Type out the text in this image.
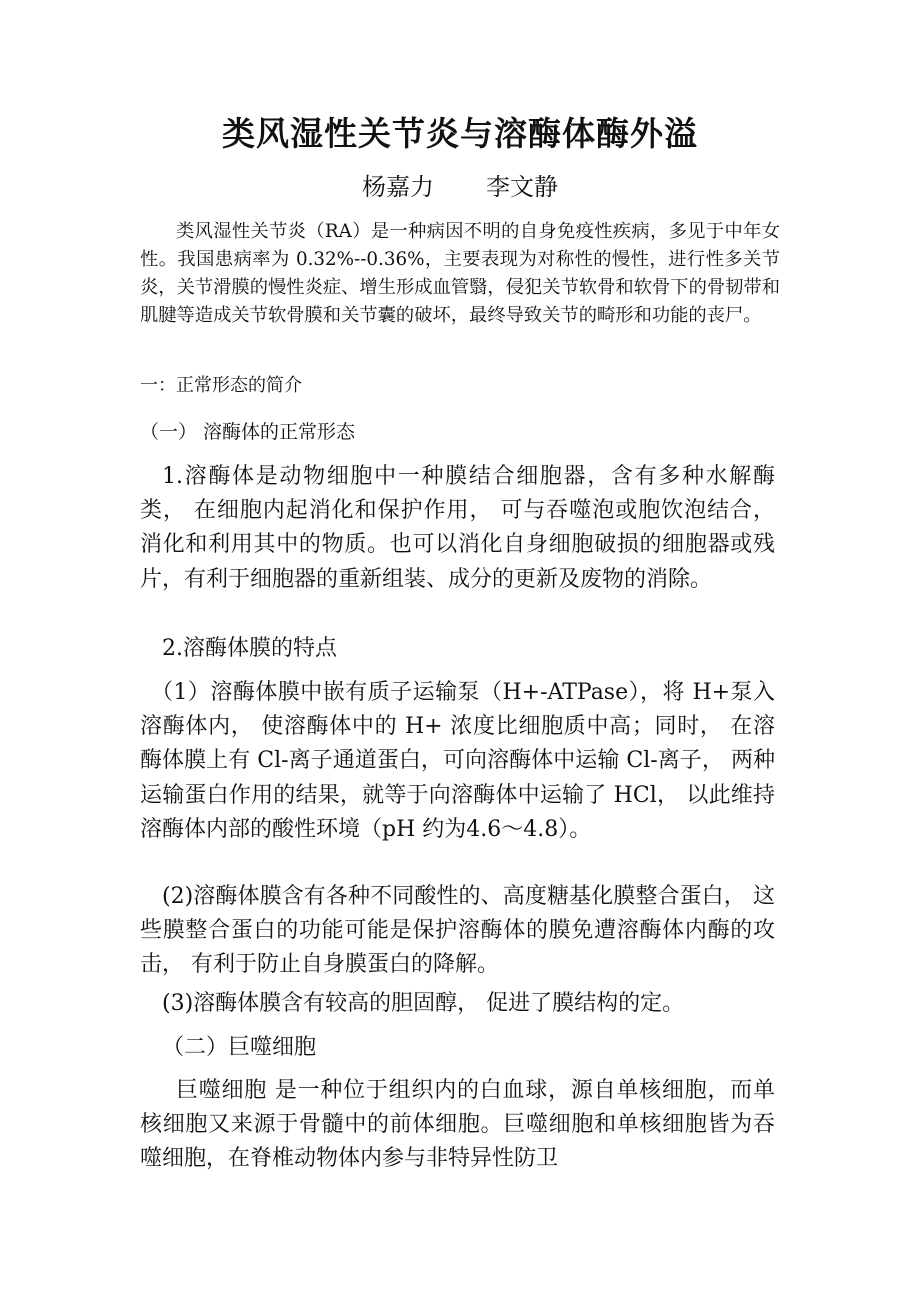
类风湿性关节炎与溶酶体酶外溢
杨嘉力 李文静

类风湿性关节炎（RA）是一种病因不明的自身免疫性疾病，多见于中年女性。我国患病率为 0.32%--0.36%，主要表现为对称性的慢性，进行性多关节炎，关节滑膜的慢性炎症、增生形成血管翳，侵犯关节软骨和软骨下的骨韧带和肌腱等造成关节软骨膜和关节囊的破坏，最终导致关节的畸形和功能的丧尸。

一：正常形态的简介

（一） 溶酶体的正常形态

1.溶酶体是动物细胞中一种膜结合细胞器，含有多种水解酶类， 在细胞内起消化和保护作用， 可与吞噬泡或胞饮泡结合， 消化和利用其中的物质。也可以消化自身细胞破损的细胞器或残片，有利于细胞器的重新组装、成分的更新及废物的消除。

2.溶酶体膜的特点

（1）溶酶体膜中嵌有质子运输泵（H+-ATPase），将 H+泵入溶酶体内， 使溶酶体中的 H+ 浓度比细胞质中高；同时， 在溶酶体膜上有 Cl-离子通道蛋白，可向溶酶体中运输 Cl-离子， 两种运输蛋白作用的结果，就等于向溶酶体中运输了 HCl， 以此维持溶酶体内部的酸性环境（pH 约为4.6～4.8）。

(2)溶酶体膜含有各种不同酸性的、高度糖基化膜整合蛋白， 这些膜整合蛋白的功能可能是保护溶酶体的膜免遭溶酶体内酶的攻击， 有利于防止自身膜蛋白的降解。

(3)溶酶体膜含有较高的胆固醇， 促进了膜结构的定。

（二）巨噬细胞

巨噬细胞 是一种位于组织内的白血球，源自单核细胞，而单核细胞又来源于骨髓中的前体细胞。巨噬细胞和单核细胞皆为吞噬细胞，在脊椎动物体内参与非特异性防卫
